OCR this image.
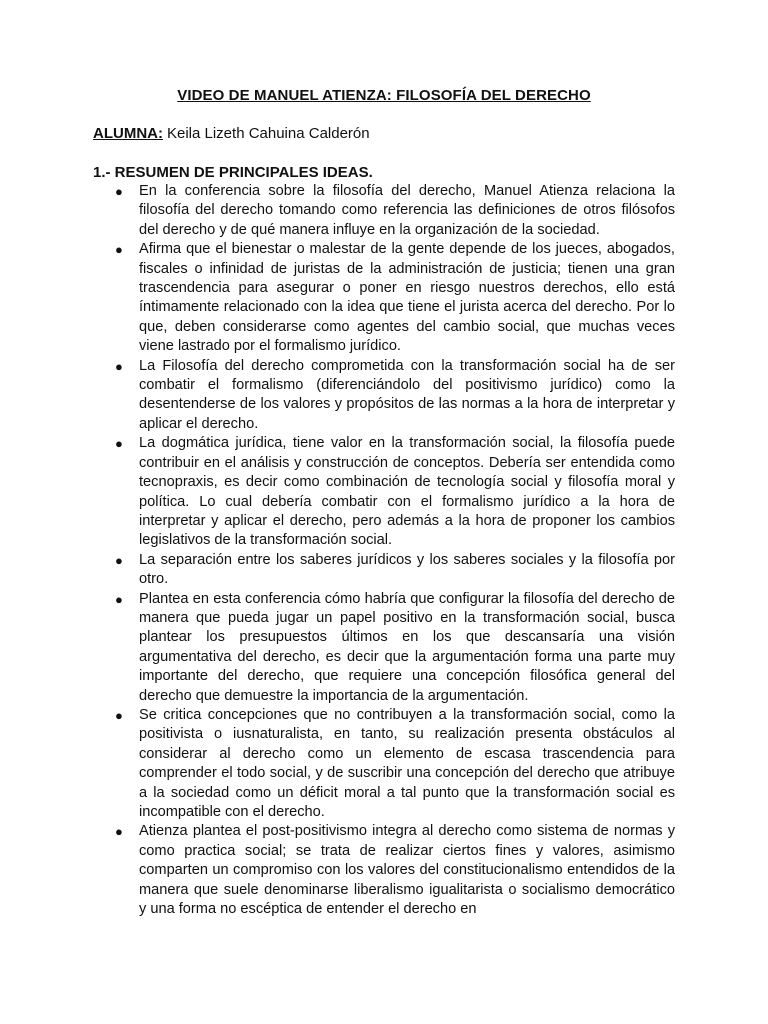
VIDEO DE MANUEL ATIENZA: FILOSOFÍA DEL DERECHO
ALUMNA: Keila Lizeth Cahuina Calderón
1.- RESUMEN DE PRINCIPALES IDEAS.
● En la conferencia sobre la filosofía del derecho, Manuel Atienza relaciona la filosofía del derecho tomando como referencia las definiciones de otros filósofos del derecho y de qué manera influye en la organización de la sociedad.
● Afirma que el bienestar o malestar de la gente depende de los jueces, abogados, fiscales o infinidad de juristas de la administración de justicia; tienen una gran trascendencia para asegurar o poner en riesgo nuestros derechos, ello está íntimamente relacionado con la idea que tiene el jurista acerca del derecho. Por lo que, deben considerarse como agentes del cambio social, que muchas veces viene lastrado por el formalismo jurídico.
● La Filosofía del derecho comprometida con la transformación social ha de ser combatir el formalismo (diferenciándolo del positivismo jurídico) como la desentenderse de los valores y propósitos de las normas a la hora de interpretar y aplicar el derecho.
● La dogmática jurídica, tiene valor en la transformación social, la filosofía puede contribuir en el análisis y construcción de conceptos. Debería ser entendida como tecnopraxis, es decir como combinación de tecnología social y filosofía moral y política. Lo cual debería combatir con el formalismo jurídico a la hora de interpretar y aplicar el derecho, pero además a la hora de proponer los cambios legislativos de la transformación social.
● La separación entre los saberes jurídicos y los saberes sociales y la filosofía por otro.
● Plantea en esta conferencia cómo habría que configurar la filosofía del derecho de manera que pueda jugar un papel positivo en la transformación social, busca plantear los presupuestos últimos en los que descansaría una visión argumentativa del derecho, es decir que la argumentación forma una parte muy importante del derecho, que requiere una concepción filosófica general del derecho que demuestre la importancia de la argumentación.
● Se critica concepciones que no contribuyen a la transformación social, como la positivista o iusnaturalista, en tanto, su realización presenta obstáculos al considerar al derecho como un elemento de escasa trascendencia para comprender el todo social, y de suscribir una concepción del derecho que atribuye a la sociedad como un déficit moral a tal punto que la transformación social es incompatible con el derecho.
● Atienza plantea el post-positivismo integra al derecho como sistema de normas y como practica social; se trata de realizar ciertos fines y valores, asimismo comparten un compromiso con los valores del constitucionalismo entendidos de la manera que suele denominarse liberalismo igualitarista o socialismo democrático y una forma no escéptica de entender el derecho en
